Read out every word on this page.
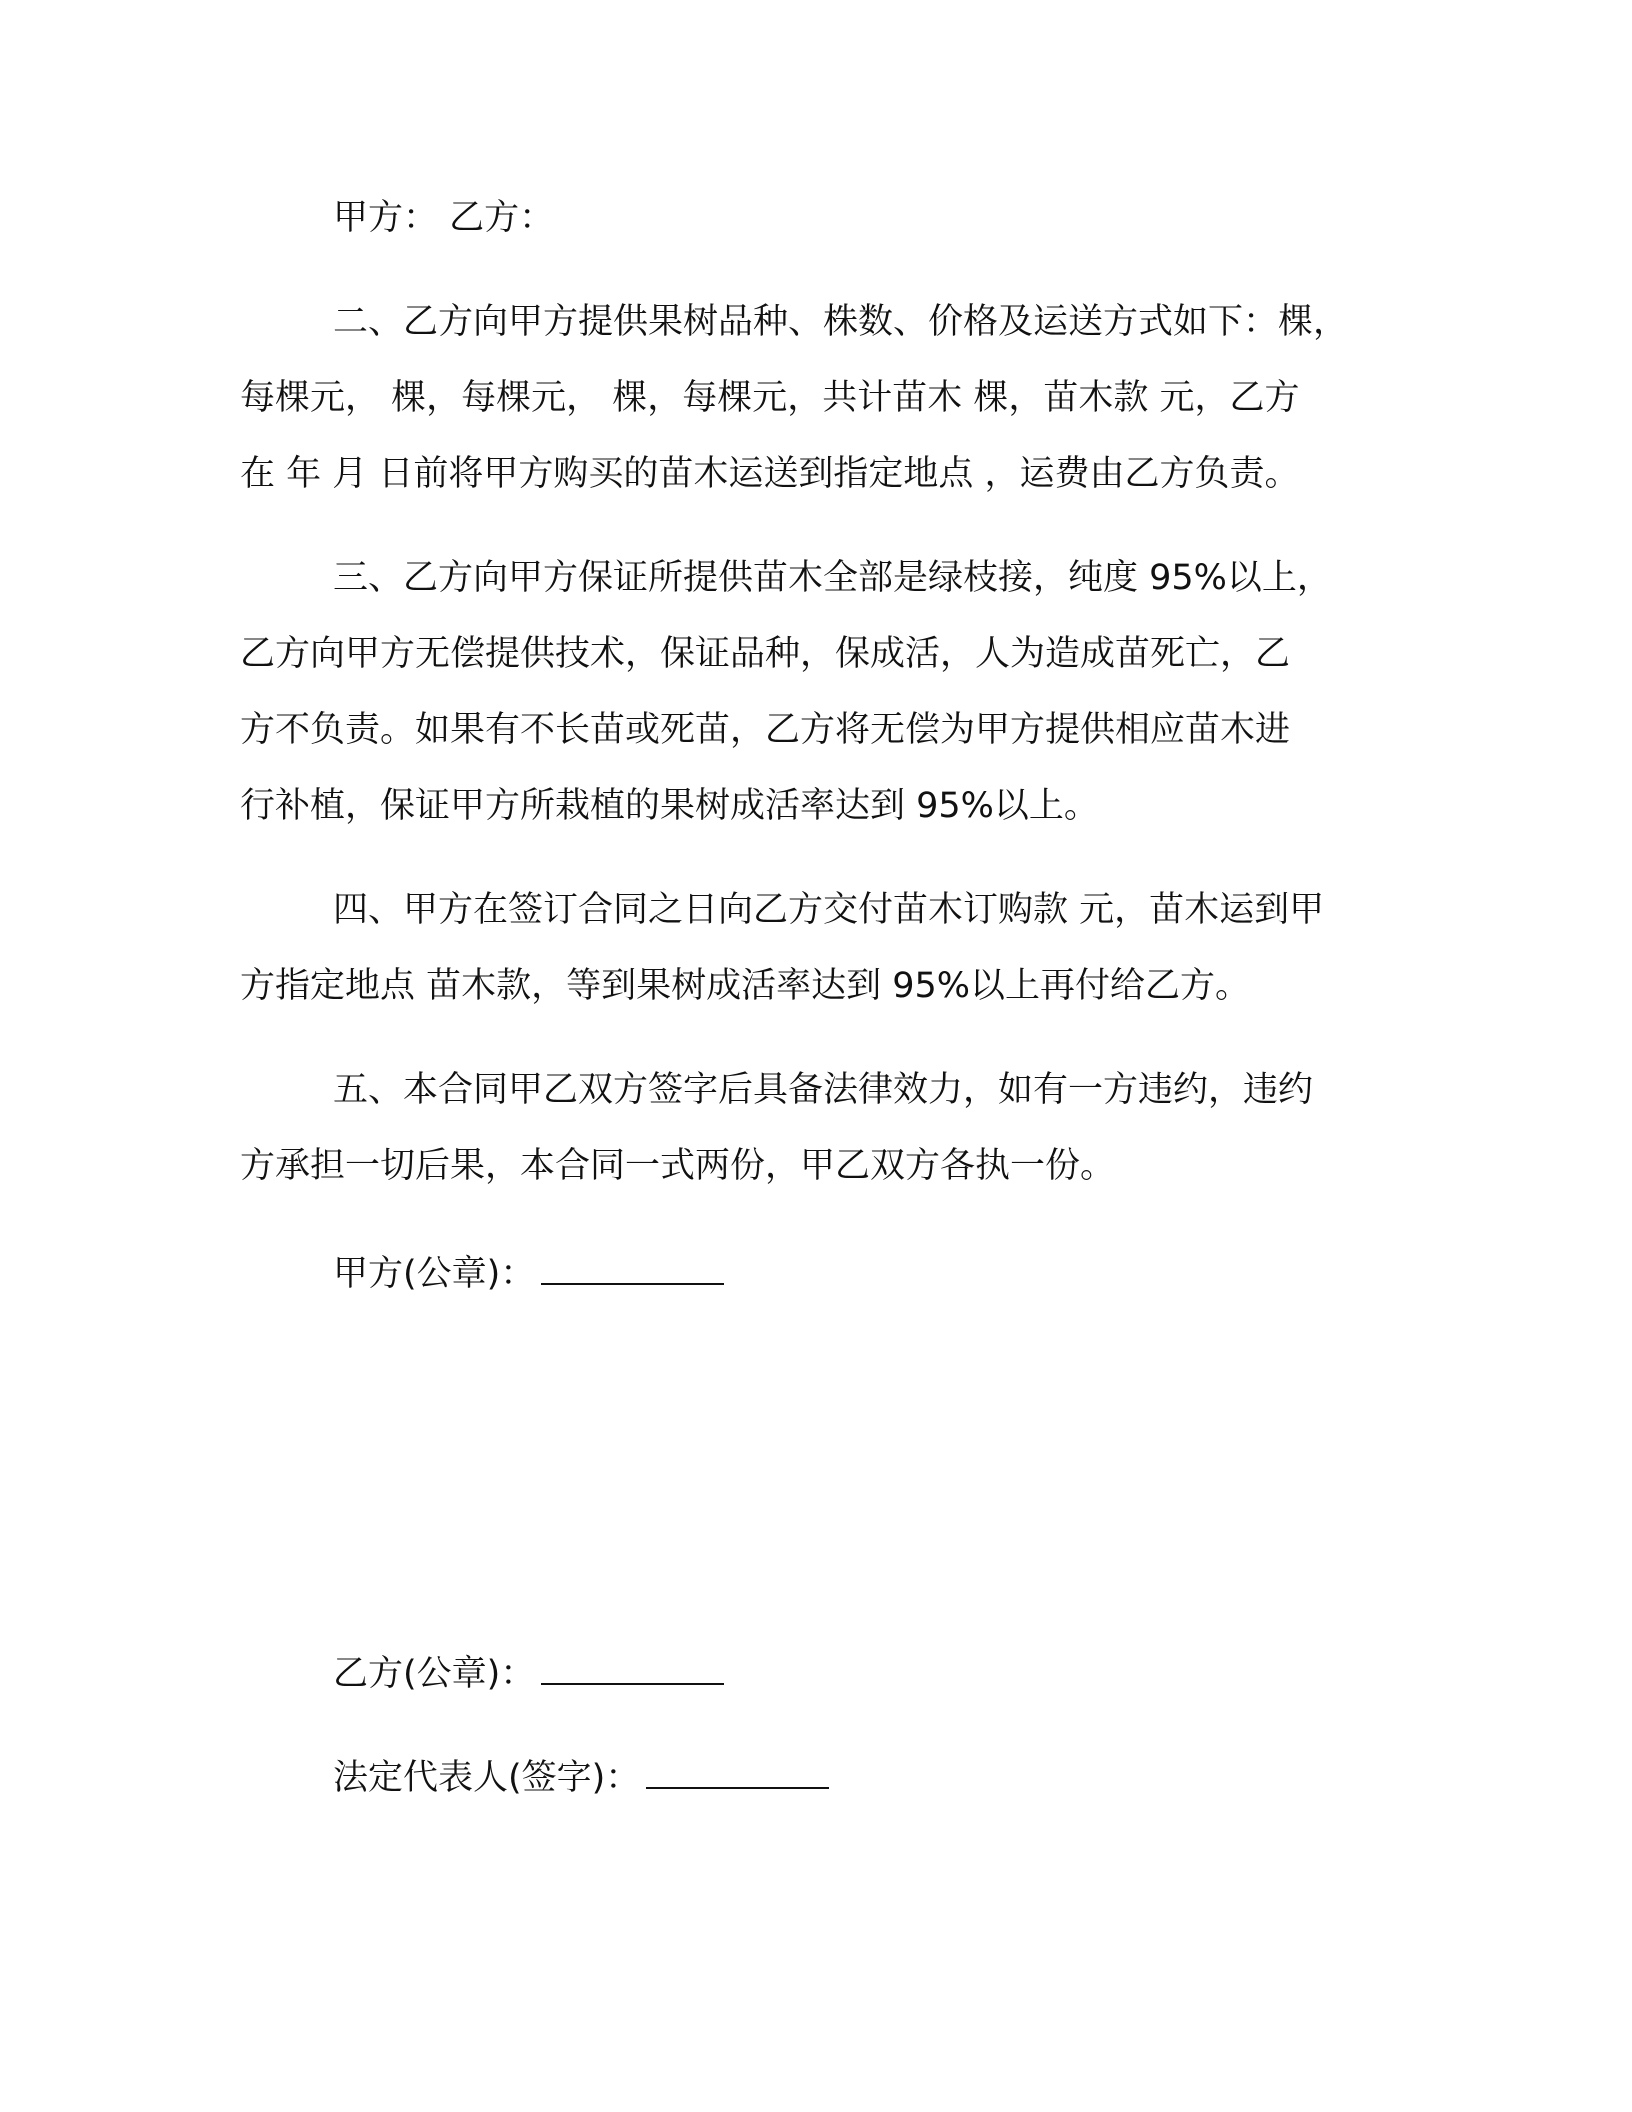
甲方： 乙方：
二、乙方向甲方提供果树品种、株数、价格及运送方式如下：棵，
每棵元， 棵，每棵元， 棵，每棵元，共计苗木 棵，苗木款 元，乙方
在 年 月 日前将甲方购买的苗木运送到指定地点 ，运费由乙方负责。
三、乙方向甲方保证所提供苗木全部是绿枝接，纯度 95%以上，
乙方向甲方无偿提供技术，保证品种，保成活，人为造成苗死亡，乙
方不负责。如果有不长苗或死苗，乙方将无偿为甲方提供相应苗木进
行补植，保证甲方所栽植的果树成活率达到 95%以上。
四、甲方在签订合同之日向乙方交付苗木订购款 元，苗木运到甲
方指定地点 苗木款，等到果树成活率达到 95%以上再付给乙方。
五、本合同甲乙双方签字后具备法律效力，如有一方违约，违约
方承担一切后果，本合同一式两份，甲乙双方各执一份。
甲方(公章)：
乙方(公章)：
法定代表人(签字)：
